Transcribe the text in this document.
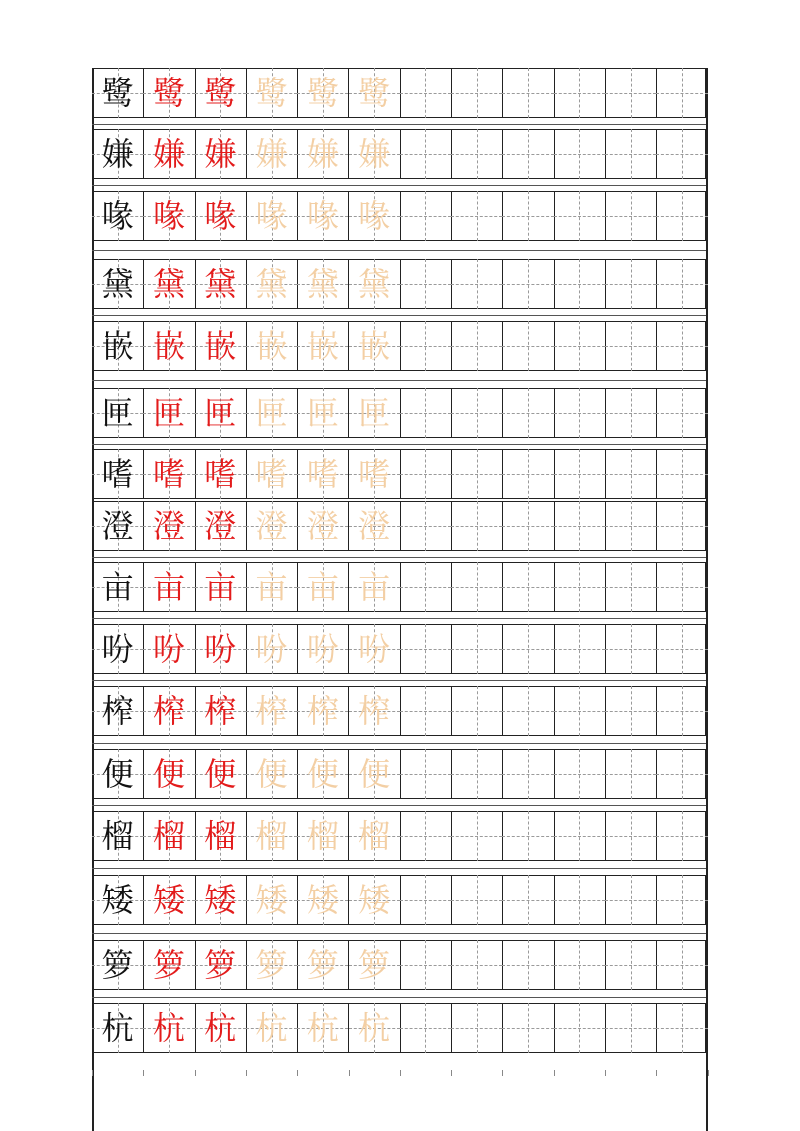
鹭 鹭 鹭 鹭 鹭 鹭
嫌 嫌 嫌 嫌 嫌 嫌
喙 喙 喙 喙 喙 喙
黛 黛 黛 黛 黛 黛
嵌 嵌 嵌 嵌 嵌 嵌
匣 匣 匣 匣 匣 匣
嗜 嗜 嗜 嗜 嗜 嗜
澄 澄 澄 澄 澄 澄
亩 亩 亩 亩 亩 亩
吩 吩 吩 吩 吩 吩
榨 榨 榨 榨 榨 榨
便 便 便 便 便 便
榴 榴 榴 榴 榴 榴
矮 矮 矮 矮 矮 矮
箩 箩 箩 箩 箩 箩
杭 杭 杭 杭 杭 杭
